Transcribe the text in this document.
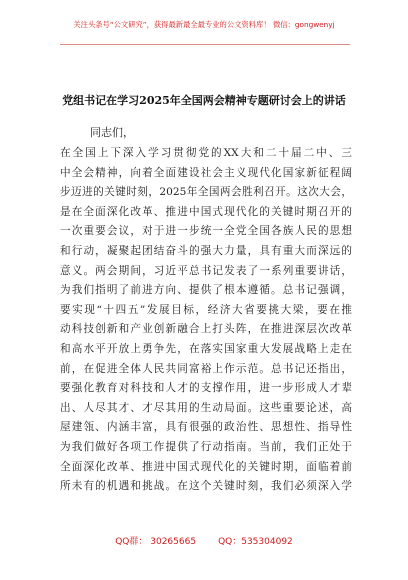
关注头条号“公文研究”，获得最新最全最专业的公文资料库！ 微信：gongwenyj
党组书记在学习2025年全国两会精神专题研讨会上的讲话
同志们，
在全国上下深入学习贯彻党的XX大和二十届二中、三
中全会精神，向着全面建设社会主义现代化国家新征程阔
步迈进的关键时刻，2025年全国两会胜利召开。这次大会，
是在全面深化改革、推进中国式现代化的关键时期召开的
一次重要会议，对于进一步统一全党全国各族人民的思想
和行动，凝聚起团结奋斗的强大力量，具有重大而深远的
意义。两会期间，习近平总书记发表了一系列重要讲话，
为我们指明了前进方向、提供了根本遵循。总书记强调，
要实现“十四五”发展目标，经济大省要挑大梁，要在推
动科技创新和产业创新融合上打头阵，在推进深层次改革
和高水平开放上勇争先，在落实国家重大发展战略上走在
前，在促进全体人民共同富裕上作示范。总书记还指出，
要强化教育对科技和人才的支撑作用，进一步形成人才辈
出、人尽其才、才尽其用的生动局面。这些重要论述，高
屋建瓴、内涵丰富，具有很强的政治性、思想性、指导性
为我们做好各项工作提供了行动指南。当前，我们正处于
全面深化改革、推进中国式现代化的关键时期，面临着前
所未有的机遇和挑战。在这个关键时刻，我们必须深入学
QQ群： 30265665 QQ：535304092
